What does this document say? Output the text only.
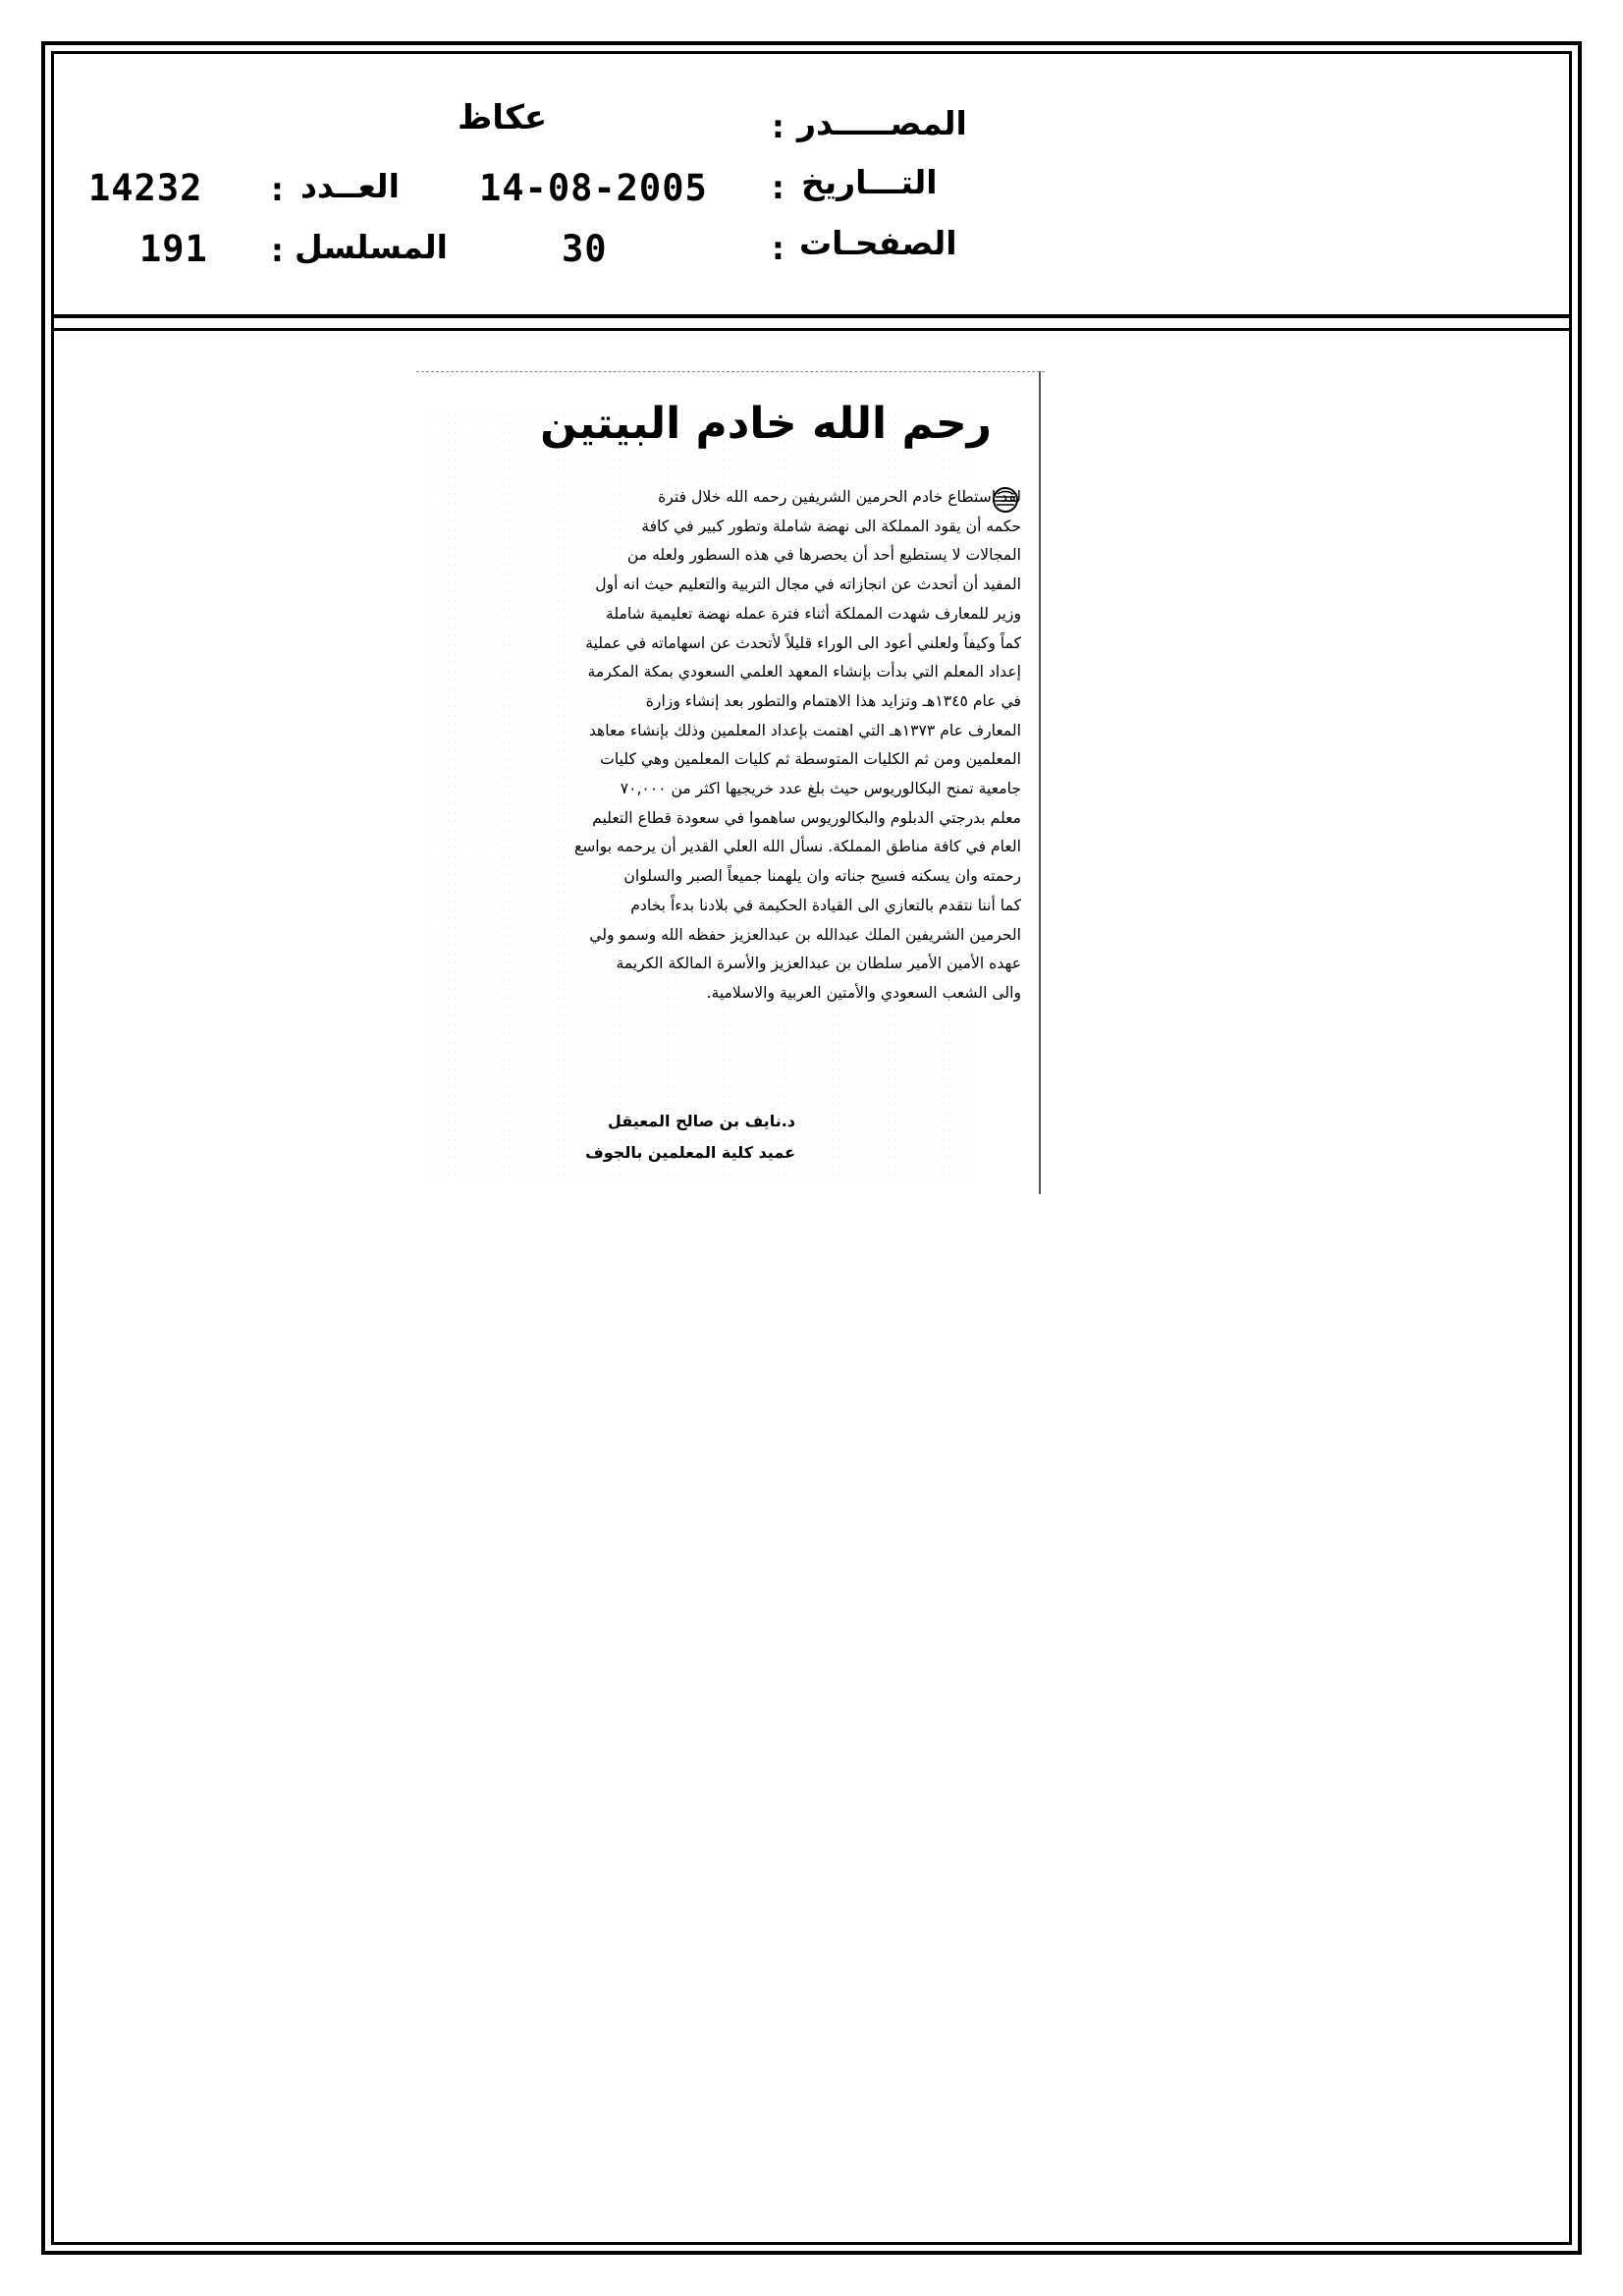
المصـــــدر
:
عكاظ
التـــاريخ
:
14-08-2005
العــدد
:
14232
الصفحـات
:
30
المسلسل
:
191
رحم الله خادم البيتين
لقد استطاع خادم الحرمين الشريفين رحمه الله خلال فترة
حكمه أن يقود المملكة الى نهضة شاملة وتطور كبير في كافة
المجالات لا يستطيع أحد أن يحصرها في هذه السطور ولعله من
المفيد أن أتحدث عن انجازاته في مجال التربية والتعليم حيث انه أول
وزير للمعارف شهدت المملكة أثناء فترة عمله نهضة تعليمية شاملة
كماً وكيفاً ولعلني أعود الى الوراء قليلاً لأتحدث عن اسهاماته في عملية
إعداد المعلم التي بدأت بإنشاء المعهد العلمي السعودي بمكة المكرمة
في عام ١٣٤٥هـ وتزايد هذا الاهتمام والتطور بعد إنشاء وزارة
المعارف عام ١٣٧٣هـ التي اهتمت بإعداد المعلمين وذلك بإنشاء معاهد
المعلمين ومن ثم الكليات المتوسطة ثم كليات المعلمين وهي كليات
جامعية تمنح البكالوريوس حيث بلغ عدد خريجيها اكثر من ٧٠,٠٠٠
معلم بدرجتي الدبلوم والبكالوريوس ساهموا في سعودة قطاع التعليم
العام في كافة مناطق المملكة. نسأل الله العلي القدير أن يرحمه بواسع
رحمته وان يسكنه فسيح جناته وان يلهمنا جميعاً الصبر والسلوان
كما أننا نتقدم بالتعازي الى القيادة الحكيمة في بلادنا بدءاً بخادم
الحرمين الشريفين الملك عبدالله بن عبدالعزيز حفظه الله وسمو ولي
عهده الأمين الأمير سلطان بن عبدالعزيز والأسرة المالكة الكريمة
والى الشعب السعودي والأمتين العربية والاسلامية.
د.نايف بن صالح المعيقل
عميد كلية المعلمين بالجوف
